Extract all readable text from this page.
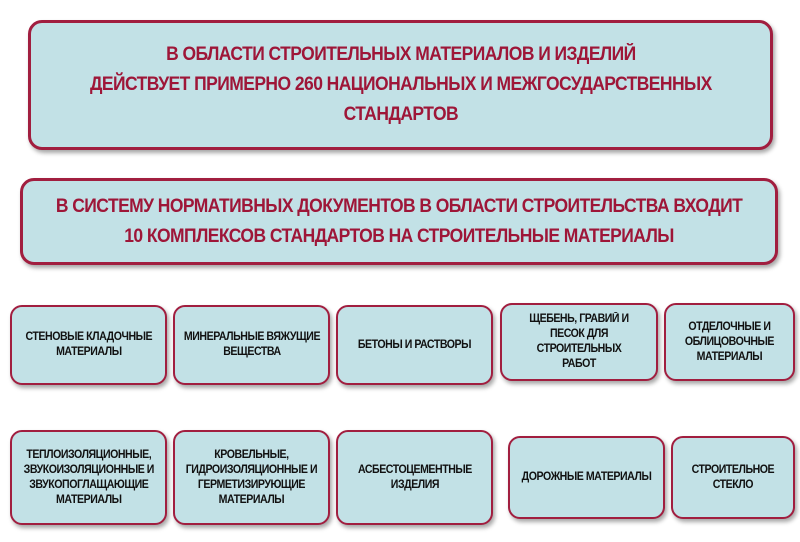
В ОБЛАСТИ СТРОИТЕЛЬНЫХ МАТЕРИАЛОВ И ИЗДЕЛИЙ
ДЕЙСТВУЕТ ПРИМЕРНО 260 НАЦИОНАЛЬНЫХ И МЕЖГОСУДАРСТВЕННЫХ
СТАНДАРТОВ
В СИСТЕМУ НОРМАТИВНЫХ ДОКУМЕНТОВ В ОБЛАСТИ СТРОИТЕЛЬСТВА ВХОДИТ
10 КОМПЛЕКСОВ СТАНДАРТОВ НА СТРОИТЕЛЬНЫЕ МАТЕРИАЛЫ
СТЕНОВЫЕ КЛАДОЧНЫЕ
МАТЕРИАЛЫ
МИНЕРАЛЬНЫЕ ВЯЖУЩИЕ
ВЕЩЕСТВА
БЕТОНЫ И РАСТВОРЫ
ЩЕБЕНЬ, ГРАВИЙ И
ПЕСОК ДЛЯ СТРОИТЕЛЬНЫХ
РАБОТ
ОТДЕЛОЧНЫЕ И
ОБЛИЦОВОЧНЫЕ
МАТЕРИАЛЫ
ТЕПЛОИЗОЛЯЦИОННЫЕ,
ЗВУКОИЗОЛЯЦИОННЫЕ И
ЗВУКОПОГЛАЩАЮЩИЕ
МАТЕРИАЛЫ
КРОВЕЛЬНЫЕ,
ГИДРОИЗОЛЯЦИОННЫЕ И
ГЕРМЕТИЗИРУЮЩИЕ
МАТЕРИАЛЫ
АСБЕСТОЦЕМЕНТНЫЕ
ИЗДЕЛИЯ
ДОРОЖНЫЕ МАТЕРИАЛЫ
СТРОИТЕЛЬНОЕ
СТЕКЛО
